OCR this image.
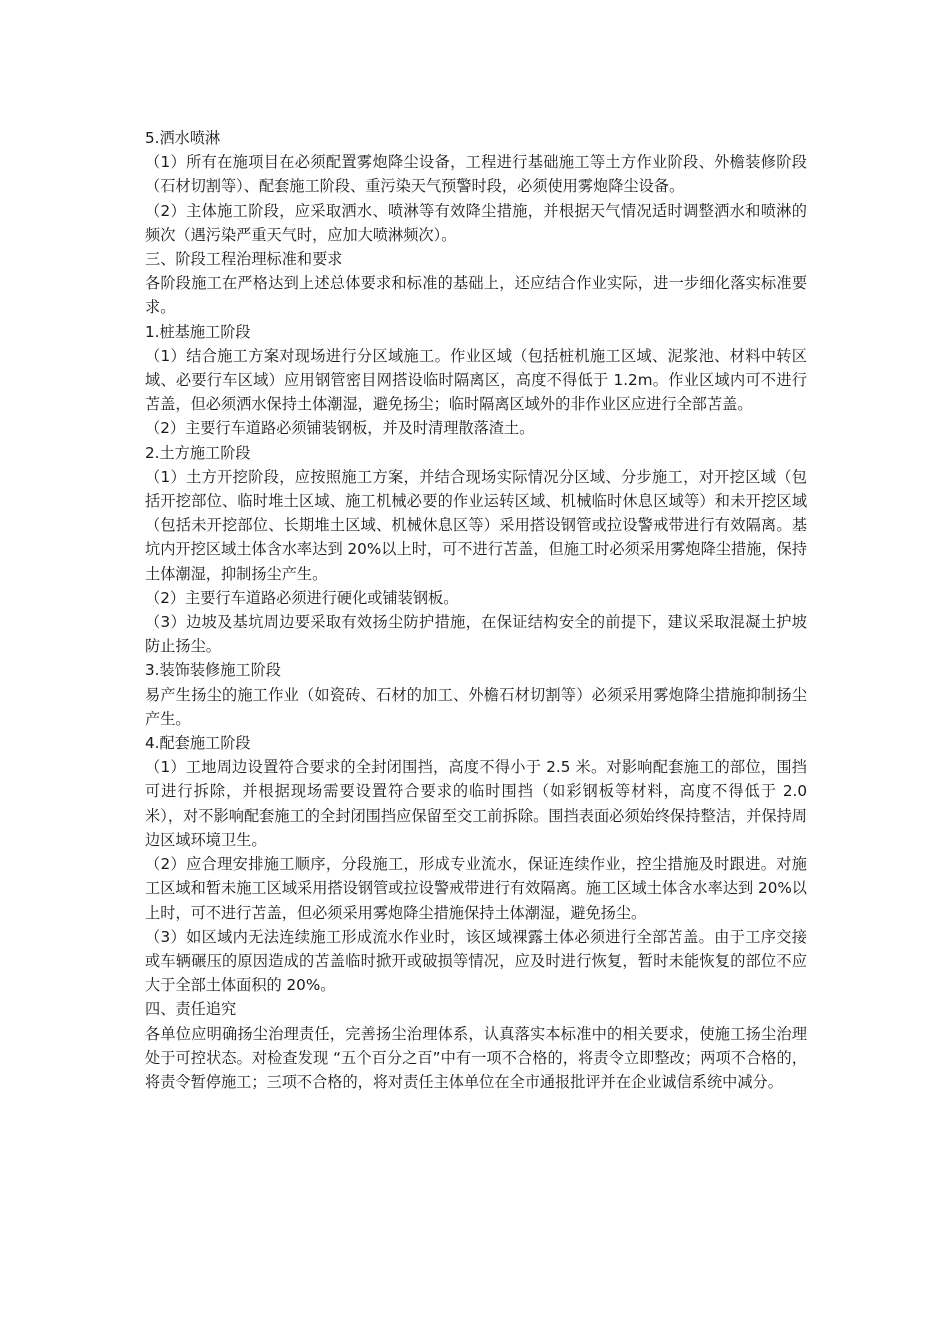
5.洒水喷淋

（1）所有在施项目在必须配置雾炮降尘设备，工程进行基础施工等土方作业阶段、外檐装修阶段（石材切割等）、配套施工阶段、重污染天气预警时段，必须使用雾炮降尘设备。

（2）主体施工阶段，应采取洒水、喷淋等有效降尘措施，并根据天气情况适时调整洒水和喷淋的频次（遇污染严重天气时，应加大喷淋频次）。

三、阶段工程治理标准和要求

各阶段施工在严格达到上述总体要求和标准的基础上，还应结合作业实际，进一步细化落实标准要求。

1.桩基施工阶段

（1）结合施工方案对现场进行分区域施工。作业区域（包括桩机施工区域、泥浆池、材料中转区域、必要行车区域）应用钢管密目网搭设临时隔离区，高度不得低于 1.2m。作业区域内可不进行苫盖，但必须洒水保持土体潮湿，避免扬尘；临时隔离区域外的非作业区应进行全部苫盖。

（2）主要行车道路必须铺装钢板，并及时清理散落渣土。

2.土方施工阶段

（1）土方开挖阶段，应按照施工方案，并结合现场实际情况分区域、分步施工，对开挖区域（包括开挖部位、临时堆土区域、施工机械必要的作业运转区域、机械临时休息区域等）和未开挖区域（包括未开挖部位、长期堆土区域、机械休息区等）采用搭设钢管或拉设警戒带进行有效隔离。基坑内开挖区域土体含水率达到 20%以上时，可不进行苫盖，但施工时必须采用雾炮降尘措施，保持土体潮湿，抑制扬尘产生。

（2）主要行车道路必须进行硬化或铺装钢板。

（3）边坡及基坑周边要采取有效扬尘防护措施，在保证结构安全的前提下，建议采取混凝土护坡防止扬尘。

3.装饰装修施工阶段

易产生扬尘的施工作业（如瓷砖、石材的加工、外檐石材切割等）必须采用雾炮降尘措施抑制扬尘产生。

4.配套施工阶段

（1）工地周边设置符合要求的全封闭围挡，高度不得小于 2.5 米。对影响配套施工的部位，围挡可进行拆除，并根据现场需要设置符合要求的临时围挡（如彩钢板等材料，高度不得低于 2.0 米），对不影响配套施工的全封闭围挡应保留至交工前拆除。围挡表面必须始终保持整洁，并保持周边区域环境卫生。

（2）应合理安排施工顺序，分段施工，形成专业流水，保证连续作业，控尘措施及时跟进。对施工区域和暂未施工区域采用搭设钢管或拉设警戒带进行有效隔离。施工区域土体含水率达到 20%以上时，可不进行苫盖，但必须采用雾炮降尘措施保持土体潮湿，避免扬尘。

（3）如区域内无法连续施工形成流水作业时，该区域裸露土体必须进行全部苫盖。由于工序交接或车辆碾压的原因造成的苫盖临时掀开或破损等情况，应及时进行恢复，暂时未能恢复的部位不应大于全部土体面积的 20%。

四、责任追究

各单位应明确扬尘治理责任，完善扬尘治理体系，认真落实本标准中的相关要求，使施工扬尘治理处于可控状态。对检查发现 “五个百分之百”中有一项不合格的，将责令立即整改；两项不合格的，将责令暂停施工；三项不合格的，将对责任主体单位在全市通报批评并在企业诚信系统中减分。
